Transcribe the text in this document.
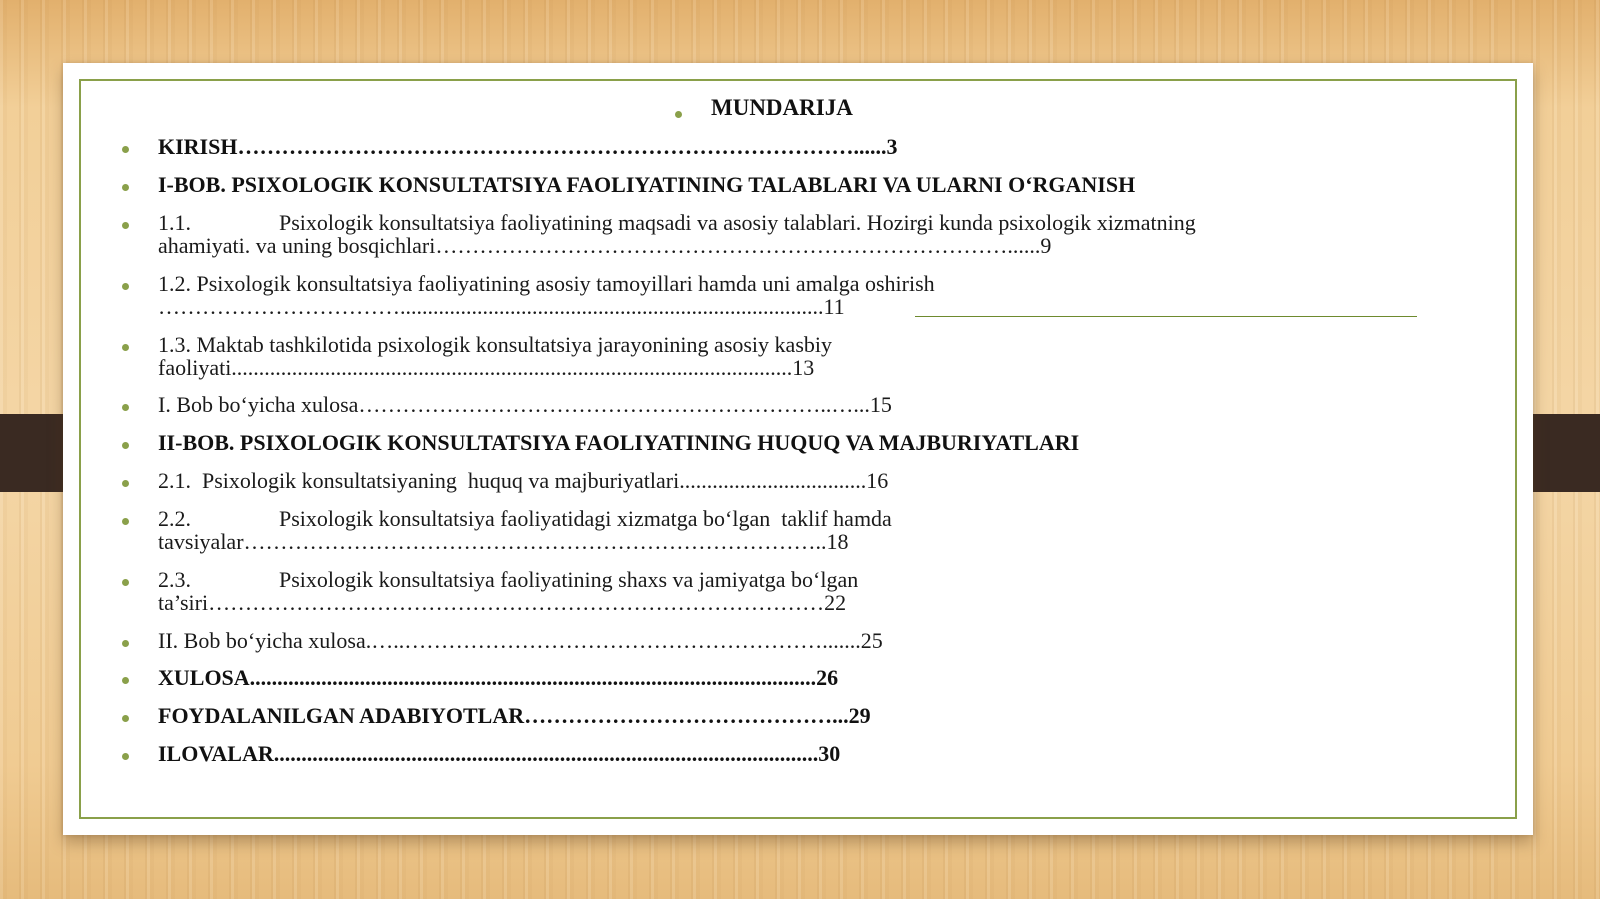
MUNDARIJA
KIRISH…………………………………………………………………………......3
I-BOB. PSIXOLOGIK KONSULTATSIYA FAOLIYATINING TALABLARI VA ULARNI O‘RGANISH
1.1.                Psixologik konsultatsiya faoliyatining maqsadi va asosiy talablari. Hozirgi kunda psixologik xizmatning
ahamiyati. va uning bosqichlari……………………………………………………………………......9
1.2. Psixologik konsultatsiya faoliyatining asosiy tamoyillari hamda uni amalga oshirish
…………………………….............................................................................11
1.3. Maktab tashkilotida psixologik konsultatsiya jarayonining asosiy kasbiy
faoliyati......................................................................................................13
I. Bob bo‘yicha xulosa………………………………………………………..…...15
II-BOB. PSIXOLOGIK KONSULTATSIYA FAOLIYATINING HUQUQ VA MAJBURIYATLARI
2.1.  Psixologik konsultatsiyaning  huquq va majburiyatlari..................................16
2.2.                Psixologik konsultatsiya faoliyatidagi xizmatga bo‘lgan  taklif hamda
tavsiyalar……………………………………………………………………..18
2.3.                Psixologik konsultatsiya faoliyatining shaxs va jamiyatga bo‘lgan
ta’siri…………………………………………………………………………22
II. Bob bo‘yicha xulosa.…..………………………………………………….......25
XULOSA.......................................................................................................26
FOYDALANILGAN ADABIYOTLAR……………………………………...29
ILOVALAR...................................................................................................30
